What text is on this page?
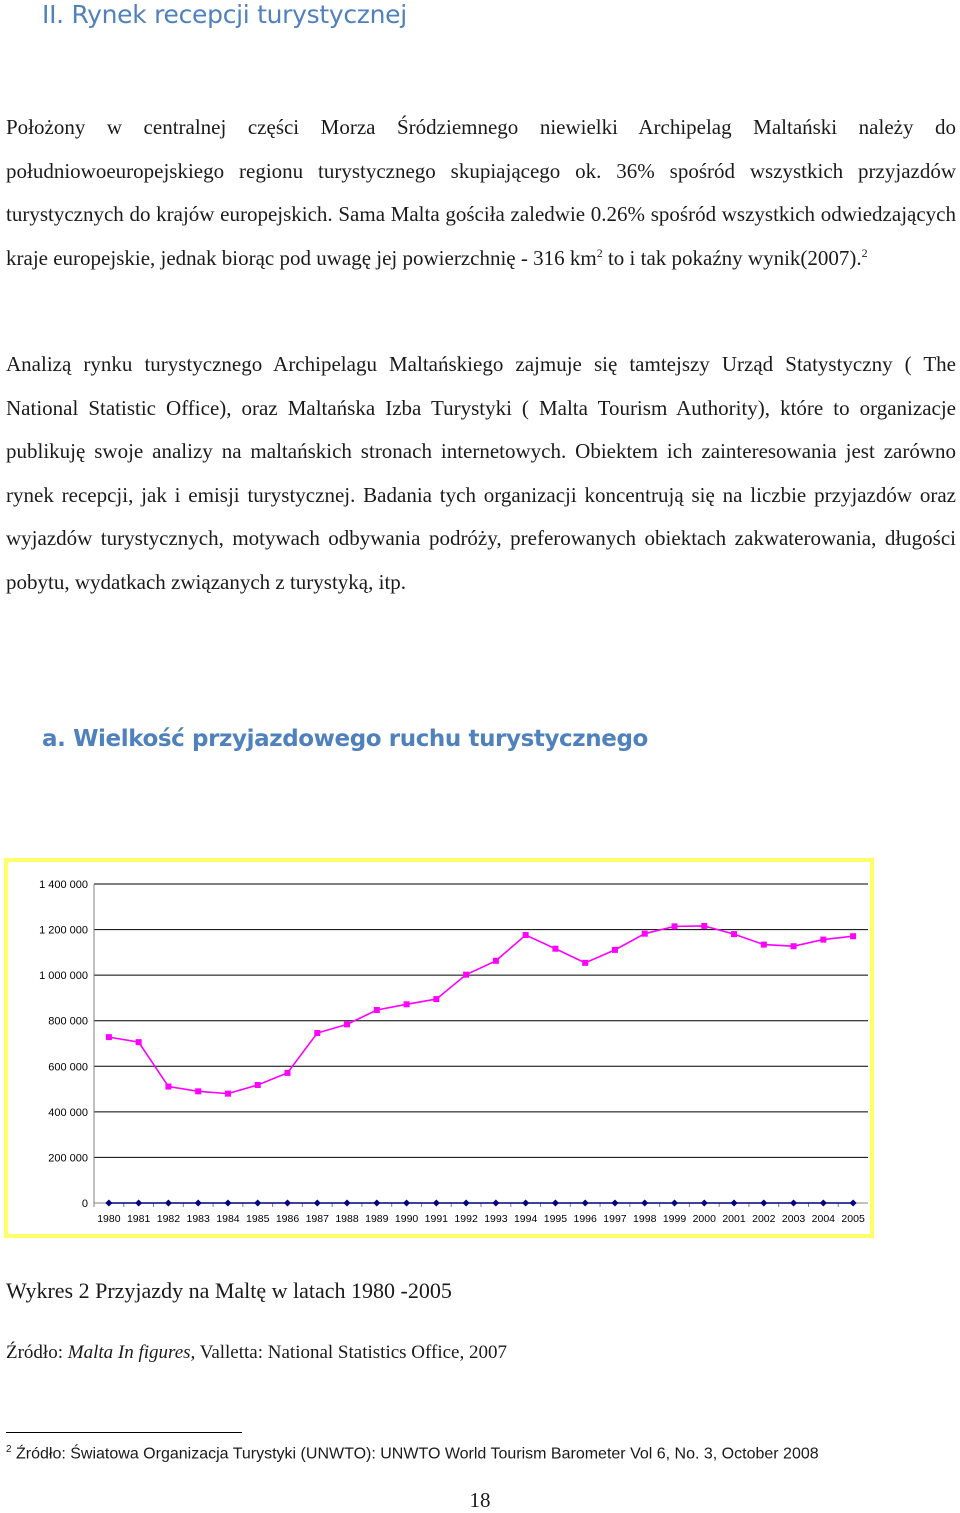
II. Rynek recepcji turystycznej

Położony w centralnej części Morza Śródziemnego niewielki Archipelag Maltański należy do południowoeuropejskiego regionu turystycznego skupiającego ok. 36% spośród wszystkich przyjazdów turystycznych do krajów europejskich. Sama Malta gościła zaledwie 0.26% spośród wszystkich odwiedzających kraje europejskie, jednak biorąc pod uwagę jej powierzchnię - 316 $km^2$ to i tak pokaźny wynik(2007).$^2$

Analizą rynku turystycznego Archipelagu Maltańskiego zajmuje się tamtejszy Urząd Statystyczny ( The National Statistic Office), oraz Maltańska Izba Turystyki ( Malta Tourism Authority), które to organizacje publikuję swoje analizy na maltańskich stronach internetowych. Obiektem ich zainteresowania jest zarówno rynek recepcji, jak i emisji turystycznej. Badania tych organizacji koncentrują się na liczbie przyjazdów oraz wyjazdów turystycznych, motywach odbywania podróży, preferowanych obiektach zakwaterowania, długości pobytu, wydatkach związanych z turystyką, itp.

a. Wielkość przyjazdowego ruchu turystycznego
0
200 000
400 000
600 000
800 000
1 000 000
1 200 000
1 400 000
1980 1981 1982 1983 1984 1985 1986 1987 1988 1989 1990 1991 1992 1993 1994 1995 1996 1997 1998 1999 2000 2001 2002 2003 2004 2005

Wykres 2 Przyjazdy na Maltę w latach 1980 -2005

Źródło: Malta In figures, Valletta: National Statistics Office, 2007

$^2$ Źródło: Światowa Organizacja Turystyki (UNWTO): UNWTO World Tourism Barometer Vol 6, No. 3, October 2008

18
